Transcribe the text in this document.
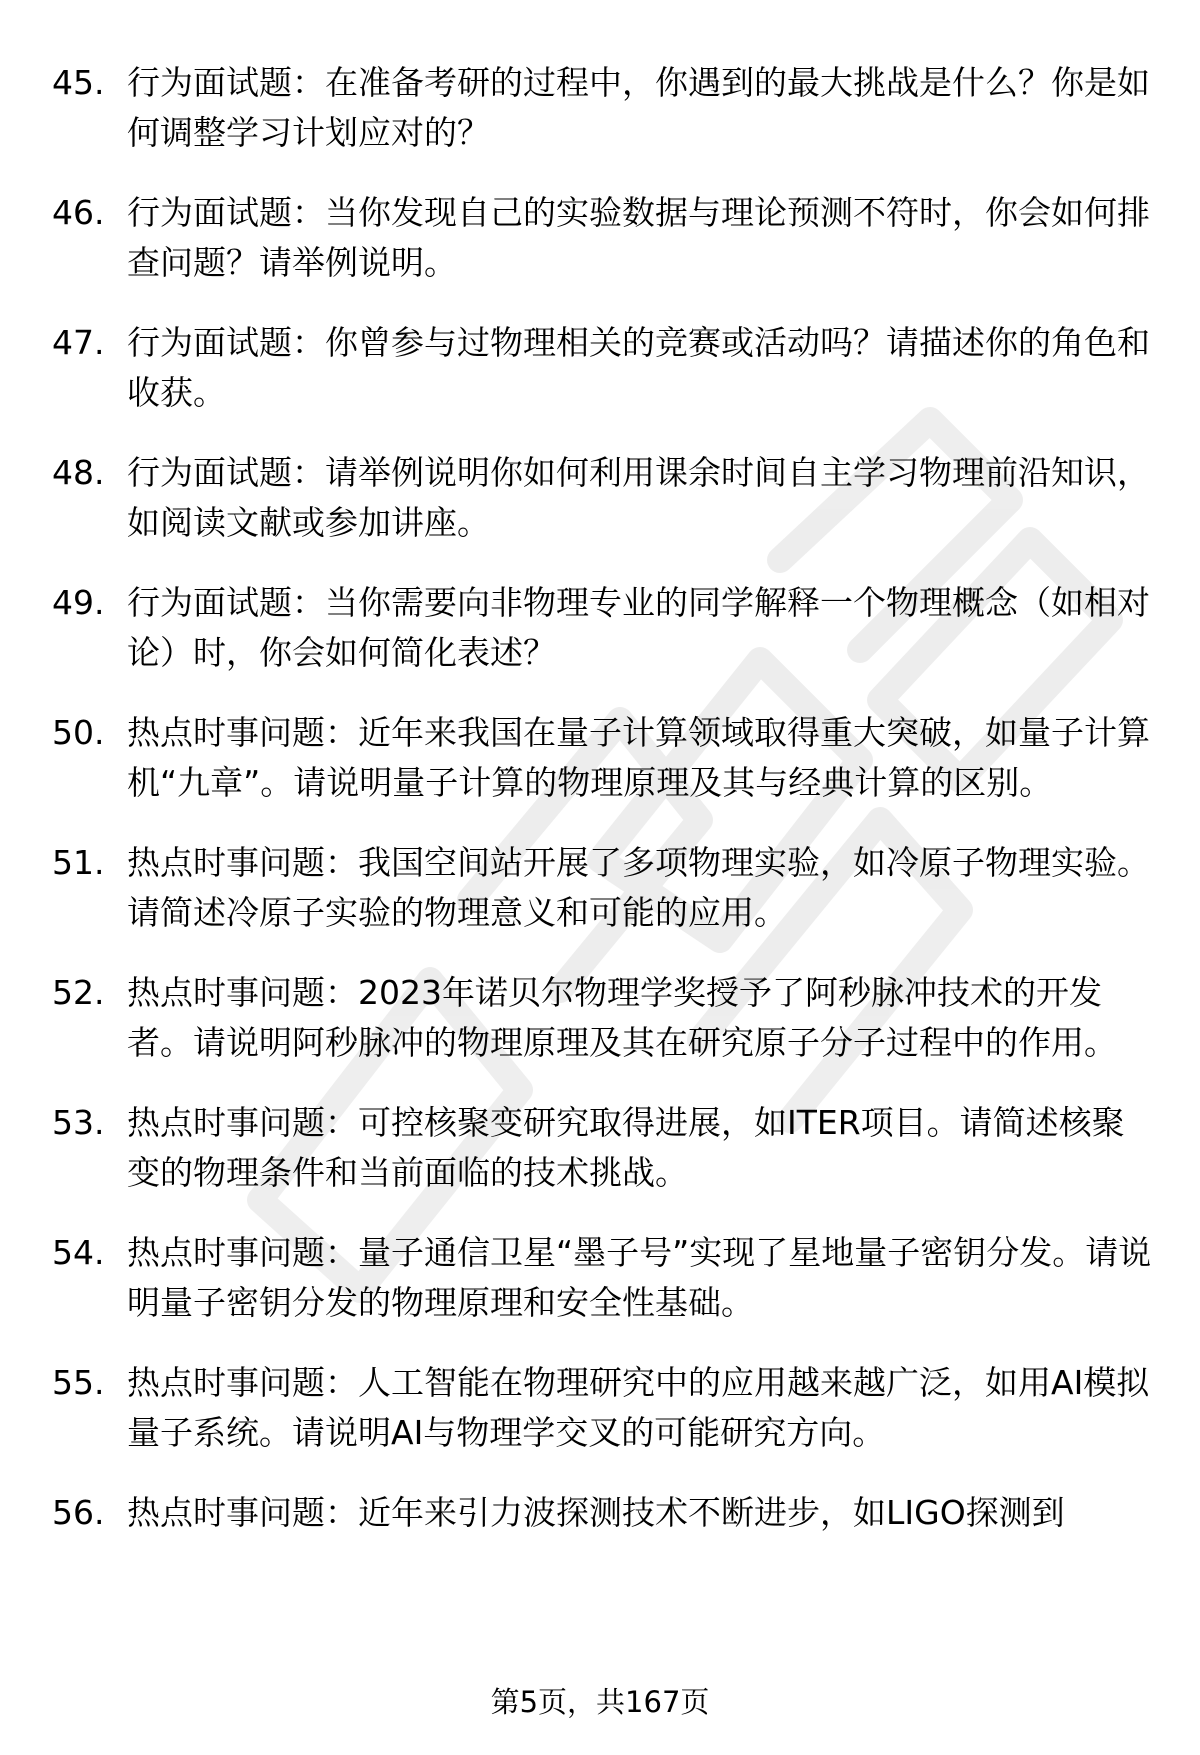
45. 行为面试题：在准备考研的过程中，你遇到的最大挑战是什么？你是如何调整学习计划应对的？
46. 行为面试题：当你发现自己的实验数据与理论预测不符时，你会如何排查问题？请举例说明。
47. 行为面试题：你曾参与过物理相关的竞赛或活动吗？请描述你的角色和收获。
48. 行为面试题：请举例说明你如何利用课余时间自主学习物理前沿知识，如阅读文献或参加讲座。
49. 行为面试题：当你需要向非物理专业的同学解释一个物理概念（如相对论）时，你会如何简化表述？
50. 热点时事问题：近年来我国在量子计算领域取得重大突破，如量子计算机“九章”。请说明量子计算的物理原理及其与经典计算的区别。
51. 热点时事问题：我国空间站开展了多项物理实验，如冷原子物理实验。请简述冷原子实验的物理意义和可能的应用。
52. 热点时事问题：2023年诺贝尔物理学奖授予了阿秒脉冲技术的开发者。请说明阿秒脉冲的物理原理及其在研究原子分子过程中的作用。
53. 热点时事问题：可控核聚变研究取得进展，如ITER项目。请简述核聚变的物理条件和当前面临的技术挑战。
54. 热点时事问题：量子通信卫星“墨子号”实现了星地量子密钥分发。请说明量子密钥分发的物理原理和安全性基础。
55. 热点时事问题：人工智能在物理研究中的应用越来越广泛，如用AI模拟量子系统。请说明AI与物理学交叉的可能研究方向。
56. 热点时事问题：近年来引力波探测技术不断进步，如LIGO探测到
第5页，共167页
